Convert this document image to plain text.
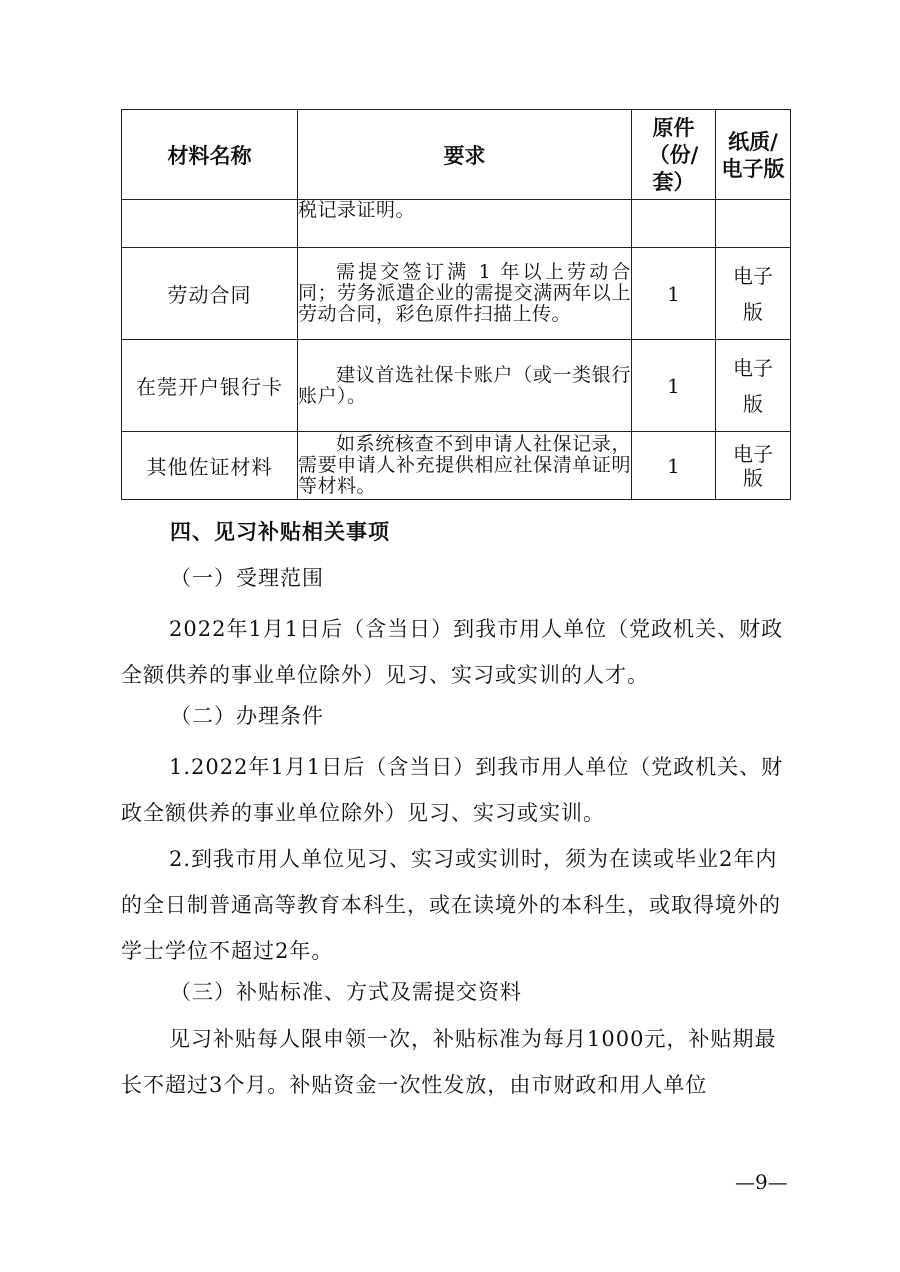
材料名称	要求	原件（份/套）	纸质/电子版

	税记录证明。		
劳动合同	需提交签订满 1 年以上劳动合同；劳务派遣企业的需提交满两年以上劳动合同，彩色原件扫描上传。	1	电子版

在莞开户银行卡	建议首选社保卡账户（或一类银行账户）。	1	电子版

其他佐证材料	如系统核查不到申请人社保记录，需要申请人补充提供相应社保清单证明等材料。	1	电子版

四、见习补贴相关事项

（一）受理范围

2022年1月1日后（含当日）到我市用人单位（党政机关、财政全额供养的事业单位除外）见习、实习或实训的人才。

（二）办理条件

1.2022年1月1日后（含当日）到我市用人单位（党政机关、财政全额供养的事业单位除外）见习、实习或实训。

2.到我市用人单位见习、实习或实训时，须为在读或毕业2年内的全日制普通高等教育本科生，或在读境外的本科生，或取得境外的学士学位不超过2年。

（三）补贴标准、方式及需提交资料

见习补贴每人限申领一次，补贴标准为每月1000元，补贴期最长不超过3个月。补贴资金一次性发放，由市财政和用人单位

—9—
